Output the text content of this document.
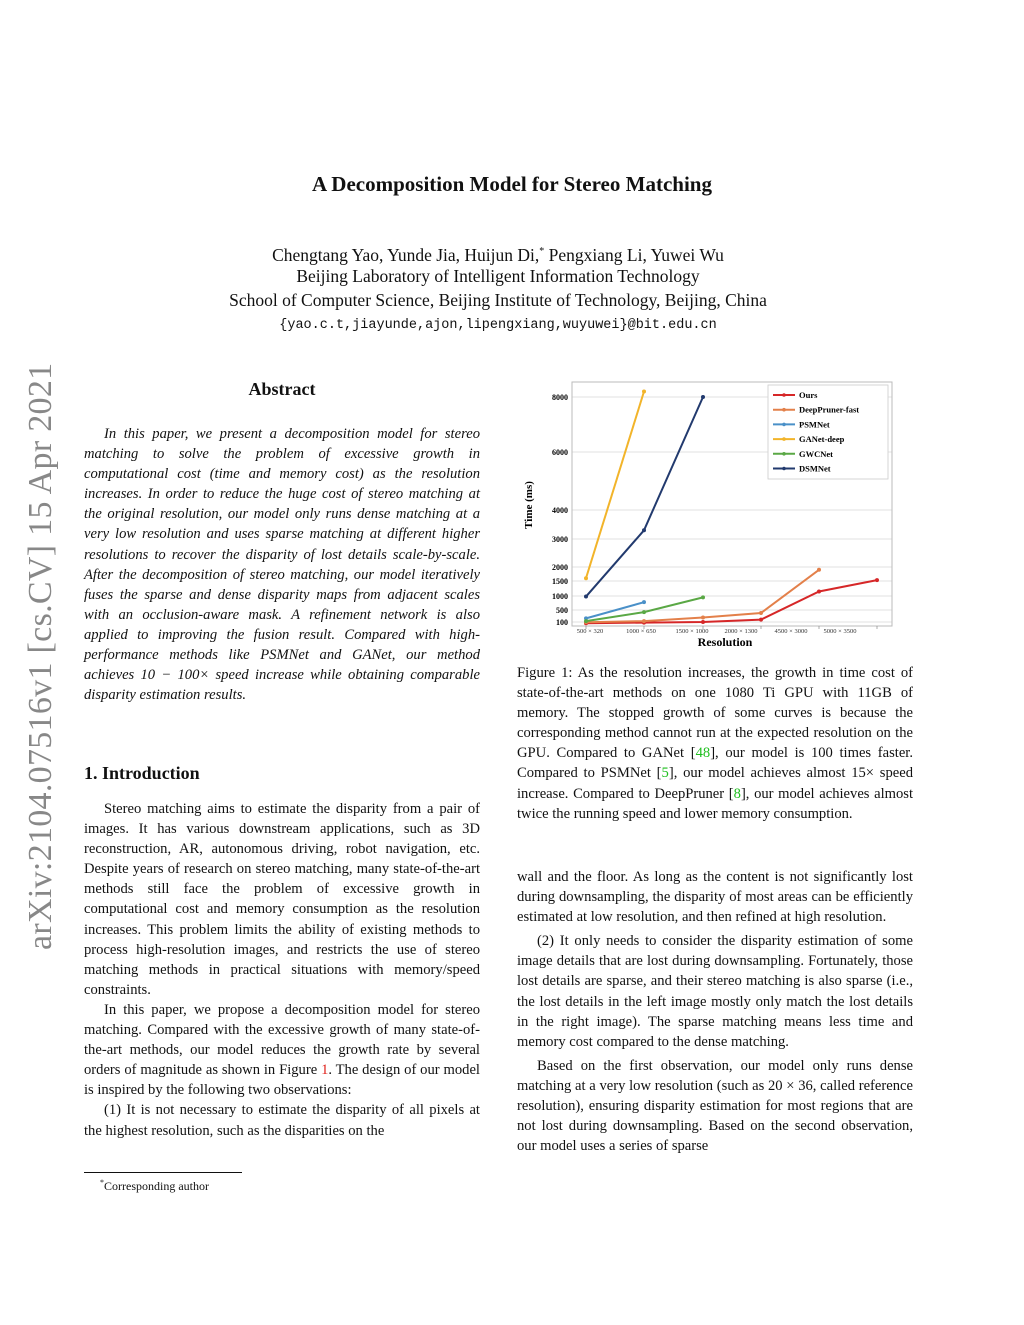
arXiv:2104.07516v1 [cs.CV] 15 Apr 2021
A Decomposition Model for Stereo Matching
Chengtang Yao, Yunde Jia, Huijun Di,* Pengxiang Li, Yuwei Wu
Beijing Laboratory of Intelligent Information Technology
School of Computer Science, Beijing Institute of Technology, Beijing, China
{yao.c.t,jiayunde,ajon,lipengxiang,wuyuwei}@bit.edu.cn
Abstract

In this paper, we present a decomposition model for stereo matching to solve the problem of excessive growth in computational cost (time and memory cost) as the resolution increases. In order to reduce the huge cost of stereo matching at the original resolution, our model only runs dense matching at a very low resolution and uses sparse matching at different higher resolutions to recover the disparity of lost details scale-by-scale. After the decomposition of stereo matching, our model iteratively fuses the sparse and dense disparity maps from adjacent scales with an occlusion-aware mask. A refinement network is also applied to improving the fusion result. Compared with high-performance methods like PSMNet and GANet, our method achieves 10 − 100× speed increase while obtaining comparable disparity estimation results.

1. Introduction

Stereo matching aims to estimate the disparity from a pair of images. It has various downstream applications, such as 3D reconstruction, AR, autonomous driving, robot navigation, etc. Despite years of research on stereo matching, many state-of-the-art methods still face the problem of excessive growth in computational cost and memory consumption as the resolution increases. This problem limits the ability of existing methods to process high-resolution images, and restricts the use of stereo matching methods in practical situations with memory/speed constraints.

In this paper, we propose a decomposition model for stereo matching. Compared with the excessive growth of many state-of-the-art methods, our model reduces the growth rate by several orders of magnitude as shown in Figure 1. The design of our model is inspired by the following two observations:

(1) It is not necessary to estimate the disparity of all pixels at the highest resolution, such as the disparities on the

*Corresponding author
100
500
1000
1500
2000
3000
4000
6000
8000
500 × 320	1000 × 650	1500 × 1000 2000 × 1300	4500 × 3000 5000 × 3500
Time (ms)
Resolution
Ours
DeepPruner-fast
PSMNet
GANet-deep
GWCNet
DSMNet

Figure 1: As the resolution increases, the growth in time cost of state-of-the-art methods on one 1080 Ti GPU with 11GB of memory. The stopped growth of some curves is because the corresponding method cannot run at the expected resolution on the GPU. Compared to GANet [48], our model is 100 times faster. Compared to PSMNet [5], our model achieves almost 15× speed increase. Compared to DeepPruner [8], our model achieves almost twice the running speed and lower memory consumption.

wall and the floor. As long as the content is not significantly lost during downsampling, the disparity of most areas can be efficiently estimated at low resolution, and then refined at high resolution.

(2) It only needs to consider the disparity estimation of some image details that are lost during downsampling. Fortunately, those lost details are sparse, and their stereo matching is also sparse (i.e., the lost details in the left image mostly only match the lost details in the right image). The sparse matching means less time and memory cost compared to the dense matching.

Based on the first observation, our model only runs dense matching at a very low resolution (such as 20 × 36, called reference resolution), ensuring disparity estimation for most regions that are not lost during downsampling. Based on the second observation, our model uses a series of sparse
